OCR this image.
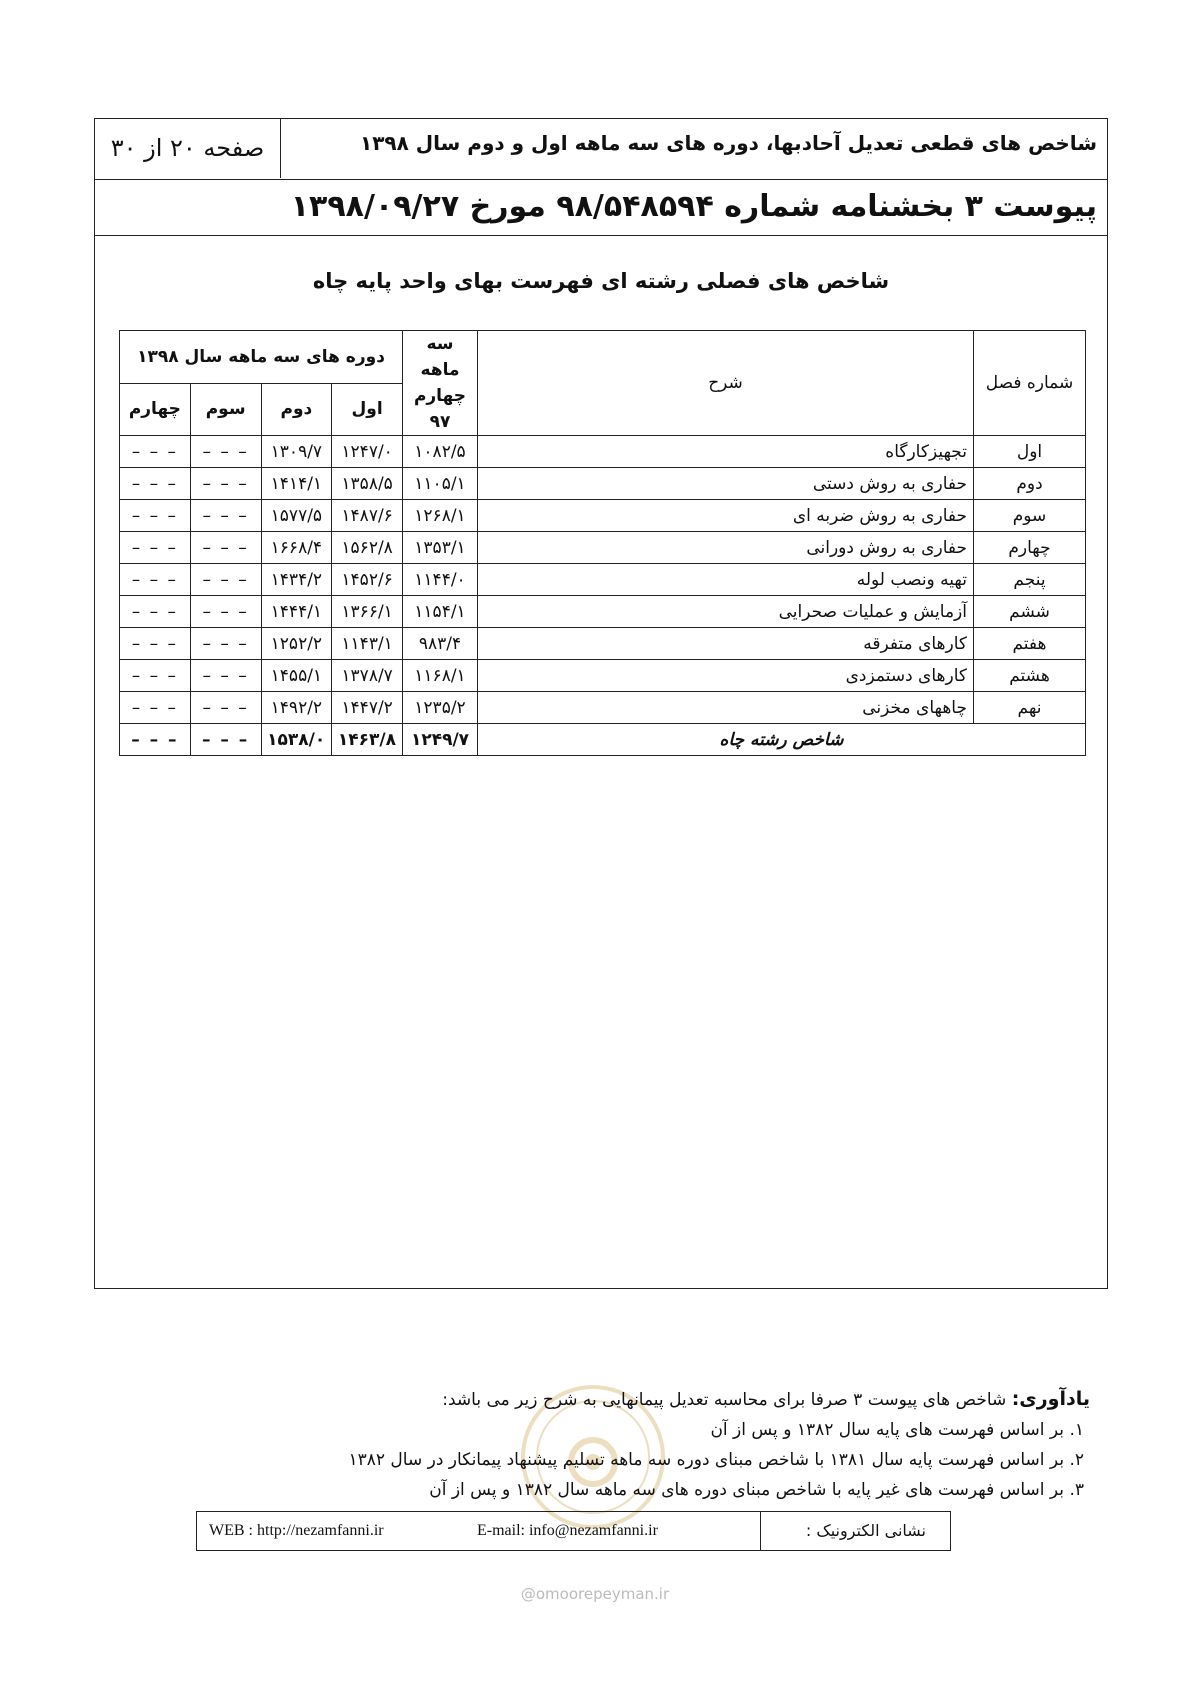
شاخص های قطعی تعدیل آحادبها، دوره های سه ماهه اول و دوم سال ۱۳۹۸
صفحه ۲۰ از ۳۰
پیوست ۳ بخشنامه شماره ۹۸/۵۴۸۵۹۴ مورخ ۱۳۹۸/۰۹/۲۷
شاخص های فصلی رشته ای فهرست بهای واحد پایه چاه
شماره فصل	شرح	سه ماهه چهارم ۹۷	دوره های سه ماهه سال ۱۳۹۸			
			اول	دوم	سوم	چهارم
اول	تجهیزکارگاه	۱۰۸۲/۵	۱۲۴۷/۰	۱۳۰۹/۷	– – –	– – –
دوم	حفاری به روش دستی	۱۱۰۵/۱	۱۳۵۸/۵	۱۴۱۴/۱	– – –	– – –
سوم	حفاری به روش ضربه ای	۱۲۶۸/۱	۱۴۸۷/۶	۱۵۷۷/۵	– – –	– – –
چهارم	حفاری به روش دورانی	۱۳۵۳/۱	۱۵۶۲/۸	۱۶۶۸/۴	– – –	– – –
پنجم	تهیه ونصب لوله	۱۱۴۴/۰	۱۴۵۲/۶	۱۴۳۴/۲	– – –	– – –
ششم	آزمایش و عملیات صحرایی	۱۱۵۴/۱	۱۳۶۶/۱	۱۴۴۴/۱	– – –	– – –
هفتم	کارهای متفرقه	۹۸۳/۴	۱۱۴۳/۱	۱۲۵۲/۲	– – –	– – –
هشتم	کارهای دستمزدی	۱۱۶۸/۱	۱۳۷۸/۷	۱۴۵۵/۱	– – –	– – –
نهم	چاههای مخزنی	۱۲۳۵/۲	۱۴۴۷/۲	۱۴۹۲/۲	– – –	– – –
شاخص رشته چاه		۱۲۴۹/۷	۱۴۶۳/۸	۱۵۳۸/۰	– – –	– – –
یادآوری: شاخص های پیوست ۳ صرفا برای محاسبه تعدیل پیمانهایی به شرح زیر می باشد:
۱. بر اساس فهرست های پایه سال ۱۳۸۲ و پس از آن
۲. بر اساس فهرست پایه سال ۱۳۸۱ با شاخص مبنای دوره سه ماهه تسلیم پیشنهاد پیمانکار در سال ۱۳۸۲
۳. بر اساس فهرست های غیر پایه با شاخص مبنای دوره های سه ماهه سال ۱۳۸۲ و پس از آن
نشانی الکترونیک :
E-mail: info@nezamfanni.ir
WEB : http://nezamfanni.ir
@omoorepeyman.ir
